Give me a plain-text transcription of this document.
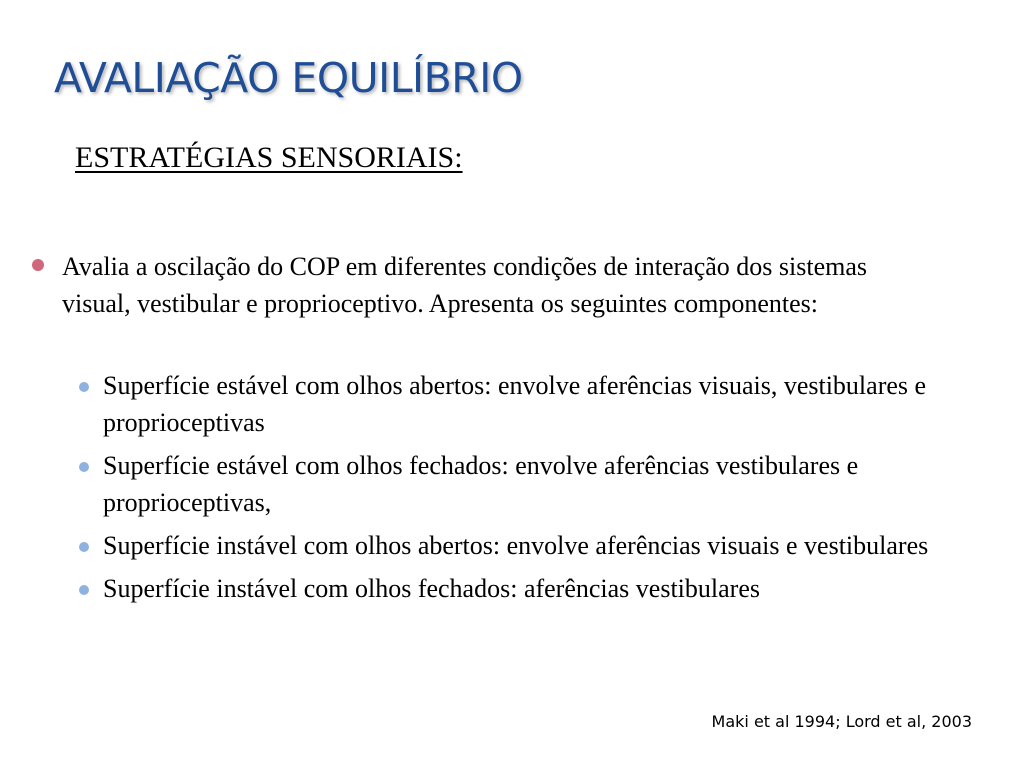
AVALIAÇÃO EQUILÍBRIO
ESTRATÉGIAS SENSORIAIS:
Avalia a oscilação do COP em diferentes condições de interação dos sistemas visual, vestibular e proprioceptivo. Apresenta os seguintes componentes:
Superfície estável com olhos abertos: envolve aferências visuais, vestibulares e proprioceptivas
Superfície estável com olhos fechados: envolve aferências vestibulares e proprioceptivas,
Superfície instável com olhos abertos: envolve aferências visuais e vestibulares
Superfície instável com olhos fechados: aferências vestibulares
Maki et al 1994; Lord et al, 2003
